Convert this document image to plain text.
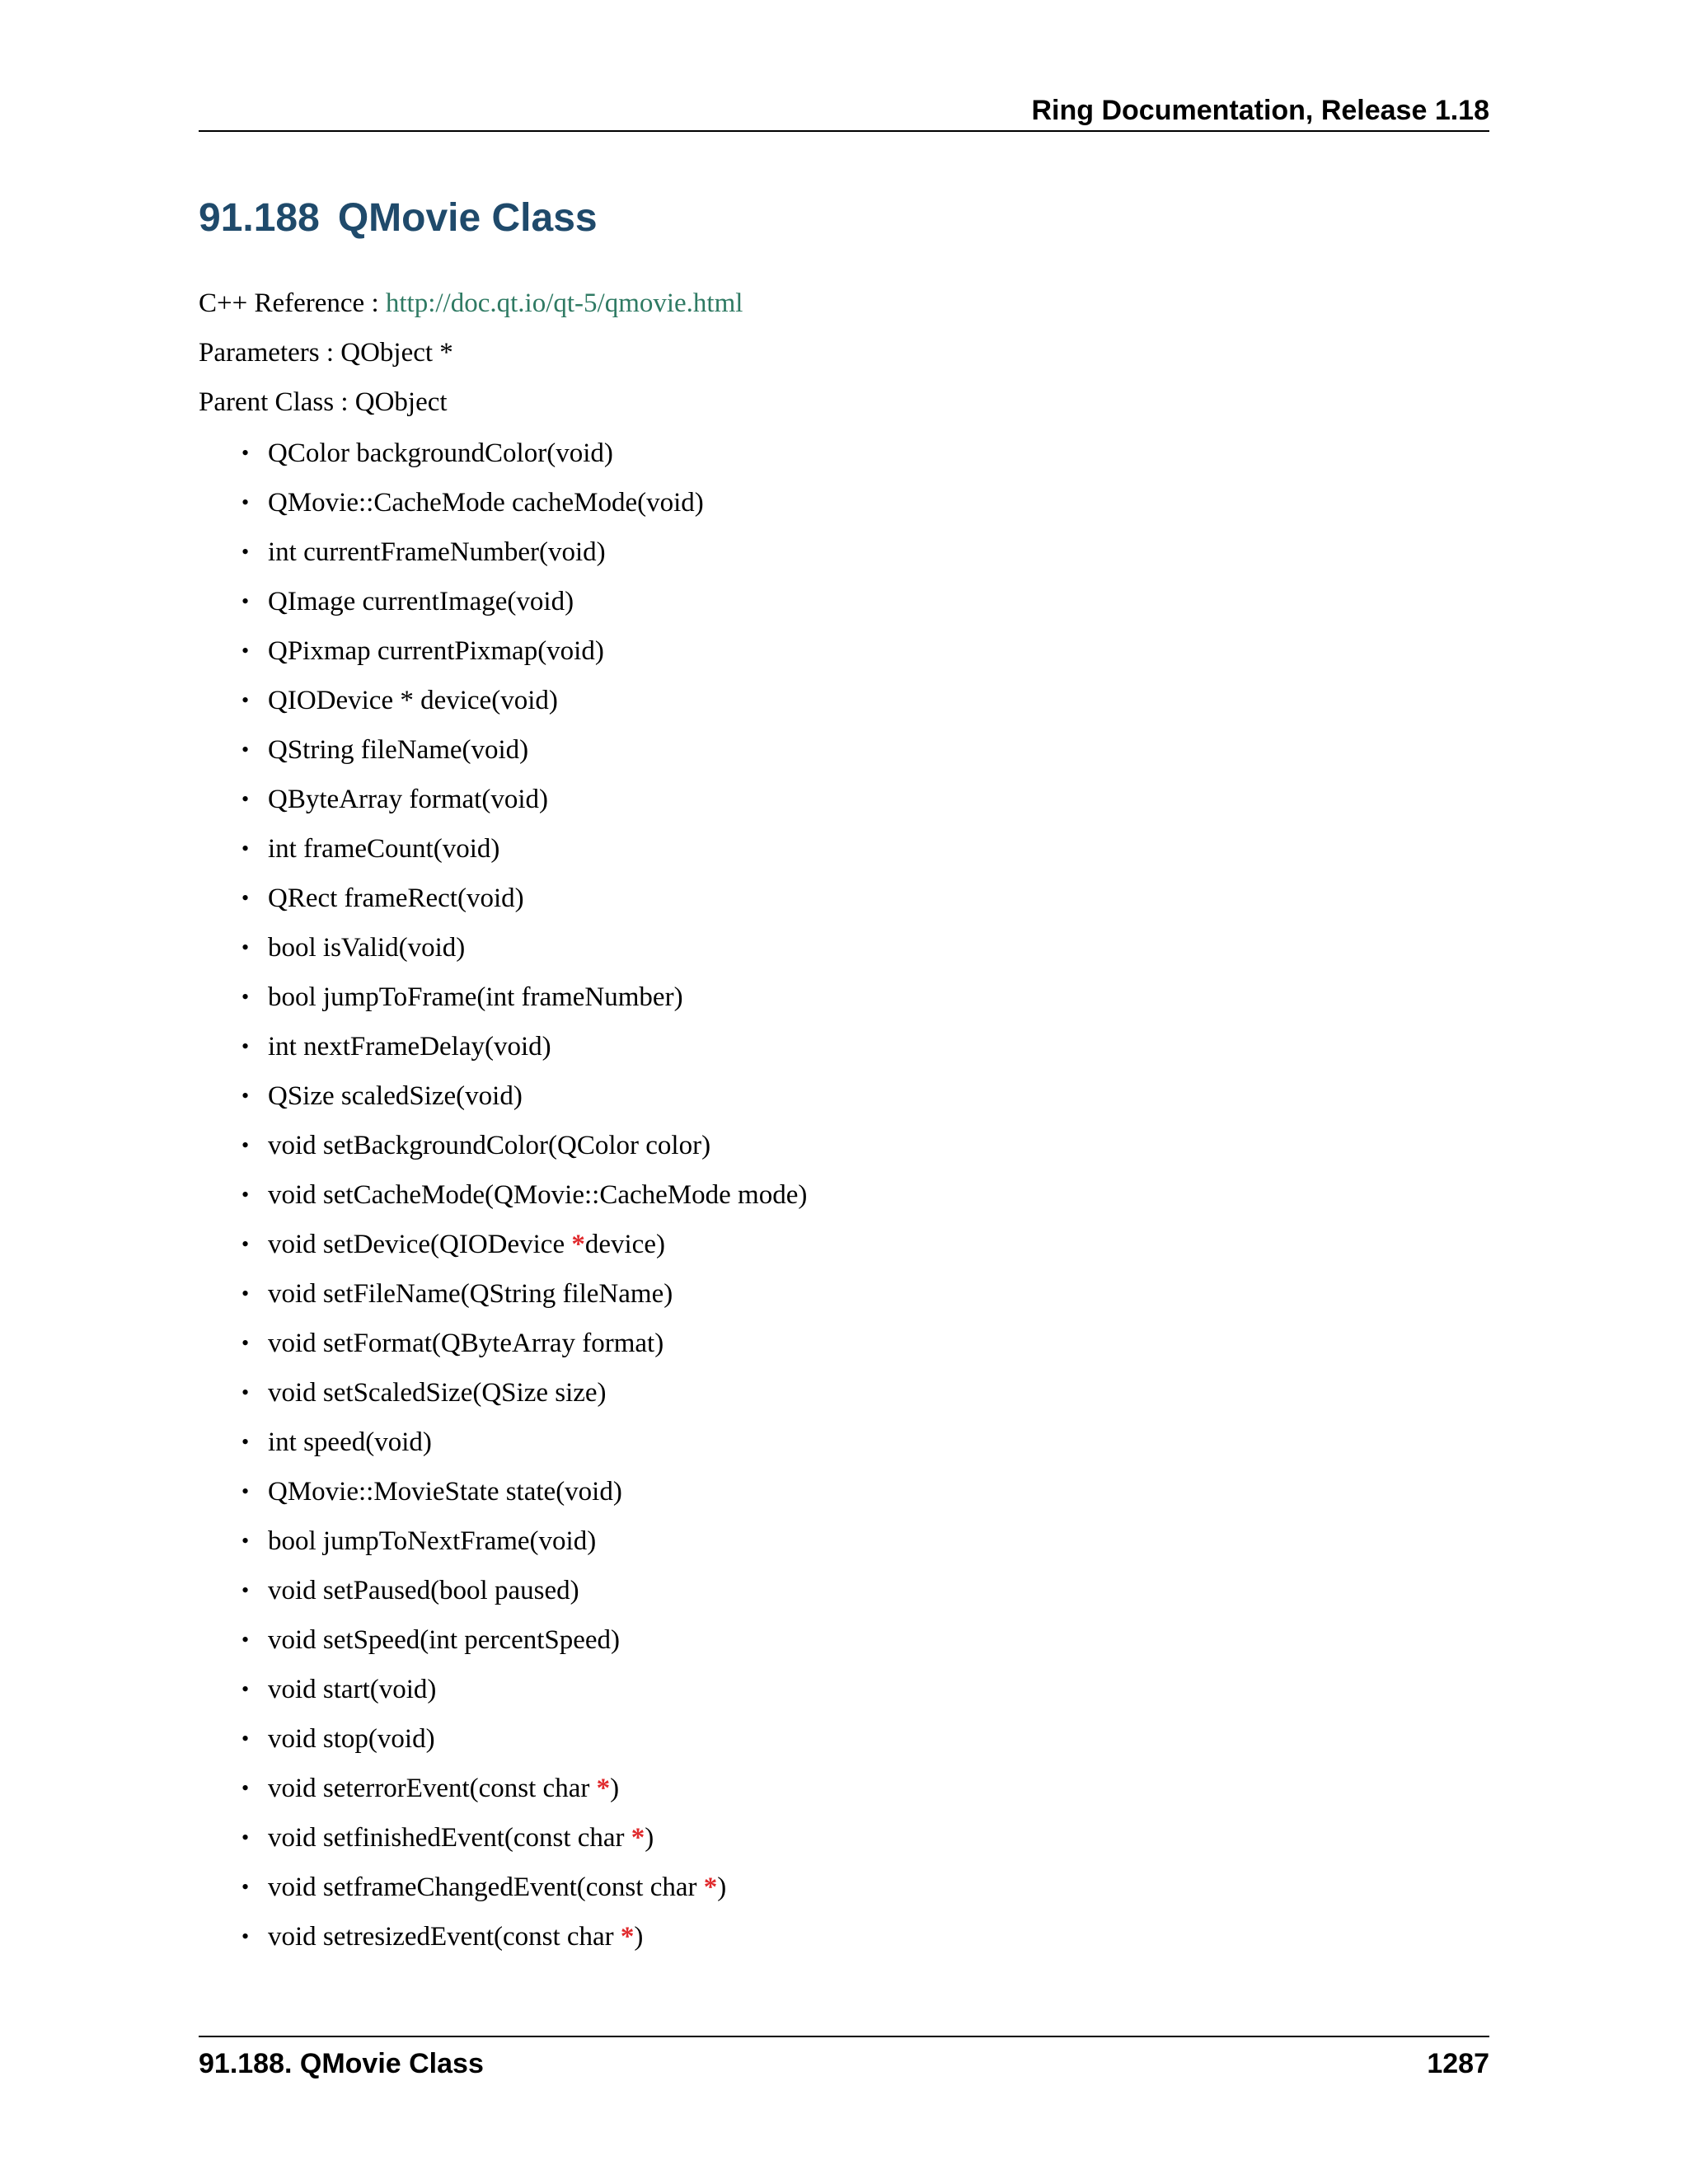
Ring Documentation, Release 1.18
91.188 QMovie Class
C++ Reference : http://doc.qt.io/qt-5/qmovie.html
Parameters : QObject *
Parent Class : QObject
• QColor backgroundColor(void)
• QMovie::CacheMode cacheMode(void)
• int currentFrameNumber(void)
• QImage currentImage(void)
• QPixmap currentPixmap(void)
• QIODevice * device(void)
• QString fileName(void)
• QByteArray format(void)
• int frameCount(void)
• QRect frameRect(void)
• bool isValid(void)
• bool jumpToFrame(int frameNumber)
• int nextFrameDelay(void)
• QSize scaledSize(void)
• void setBackgroundColor(QColor color)
• void setCacheMode(QMovie::CacheMode mode)
• void setDevice(QIODevice *device)
• void setFileName(QString fileName)
• void setFormat(QByteArray format)
• void setScaledSize(QSize size)
• int speed(void)
• QMovie::MovieState state(void)
• bool jumpToNextFrame(void)
• void setPaused(bool paused)
• void setSpeed(int percentSpeed)
• void start(void)
• void stop(void)
• void seterrorEvent(const char *)
• void setfinishedEvent(const char *)
• void setframeChangedEvent(const char *)
• void setresizedEvent(const char *)
91.188. QMovie Class	1287
